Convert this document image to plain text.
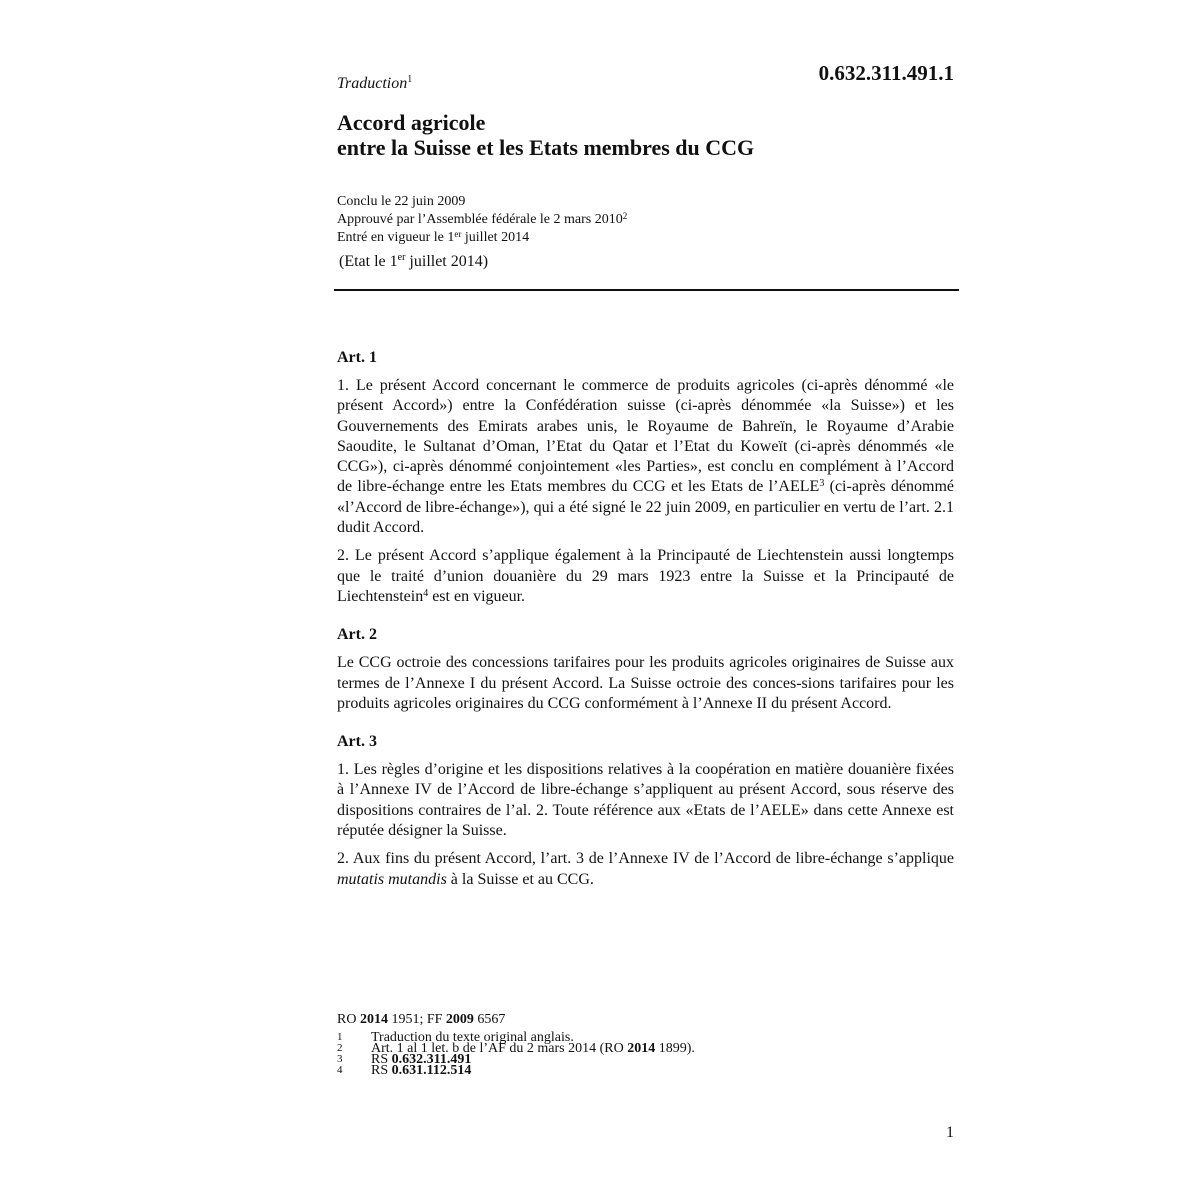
Traduction$^1$	0.632.311.491.1
Accord agricole
entre la Suisse et les Etats membres du CCG
Conclu le 22 juin 2009
Approuvé par l’Assemblée fédérale le 2 mars 2010$^2$
Entré en vigueur le 1er juillet 2014
(Etat le 1er juillet 2014)
Art. 1

1. Le présent Accord concernant le commerce de produits agricoles (ci-après dénommé «le présent Accord») entre la Confédération suisse (ci-après dénommée «la Suisse») et les Gouvernements des Emirats arabes unis, le Royaume de Bahreïn, le Royaume d’Arabie Saoudite, le Sultanat d’Oman, l’Etat du Qatar et l’Etat du Koweït (ci-après dénommés «le CCG»), ci-après dénommé conjointement «les Parties», est conclu en complément à l’Accord de libre-échange entre les Etats membres du CCG et les Etats de l’AELE$^3$ (ci-après dénommé «l’Accord de libre-échange»), qui a été signé le 22 juin 2009, en particulier en vertu de l’art. 2.1 dudit Accord.

2. Le présent Accord s’applique également à la Principauté de Liechtenstein aussi longtemps que le traité d’union douanière du 29 mars 1923 entre la Suisse et la Principauté de Liechtenstein$^4$ est en vigueur.

Art. 2

Le CCG octroie des concessions tarifaires pour les produits agricoles originaires de Suisse aux termes de l’Annexe I du présent Accord. La Suisse octroie des conces-sions tarifaires pour les produits agricoles originaires du CCG conformément à l’Annexe II du présent Accord.

Art. 3

1. Les règles d’origine et les dispositions relatives à la coopération en matière douanière fixées à l’Annexe IV de l’Accord de libre-échange s’appliquent au présent Accord, sous réserve des dispositions contraires de l’al. 2. Toute référence aux «Etats de l’AELE» dans cette Annexe est réputée désigner la Suisse.

2. Aux fins du présent Accord, l’art. 3 de l’Annexe IV de l’Accord de libre-échange s’applique mutatis mutandis à la Suisse et au CCG.

RO 2014 1951; FF 2009 6567
1	Traduction du texte original anglais.
2	Art. 1 al 1 let. b de l’AF du 2 mars 2014 (RO 2014 1899).
3	RS 0.632.311.491
4	RS 0.631.112.514
1
